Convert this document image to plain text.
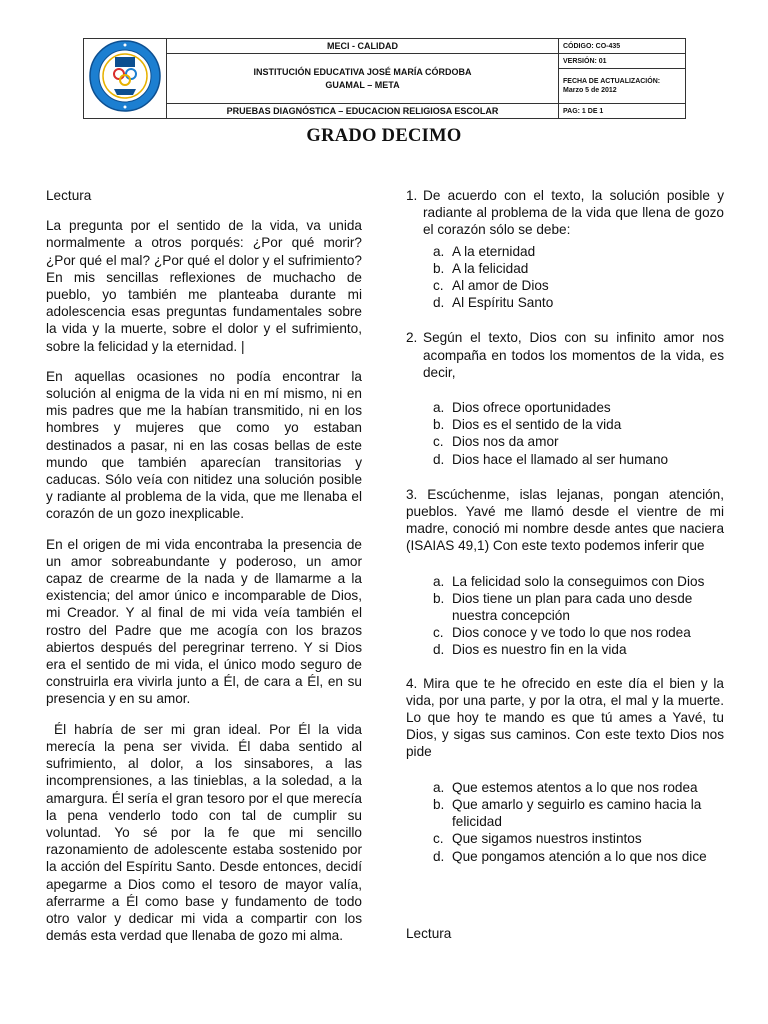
	MECI - CALIDAD	CÓDIGO: CO-435

	INSTITUCIÓN EDUCATIVA JOSÉ MARÍA CÓRDOBA
GUAMAL – META	VERSIÓN: 01

		FECHA DE ACTUALIZACIÓN:
Marzo 5 de 2012

	PRUEBAS DIAGNÓSTICA – EDUCACION RELIGIOSA ESCOLAR	PAG: 1 DE 1
GRADO DECIMO

Lectura

La pregunta por el sentido de la vida, va unida normalmente a otros porqués: ¿Por qué morir? ¿Por qué el mal? ¿Por qué el dolor y el sufrimiento? En mis sencillas reflexiones de muchacho de pueblo, yo también me planteaba durante mi adolescencia esas preguntas fundamentales sobre la vida y la muerte, sobre el dolor y el sufrimiento, sobre la felicidad y la eternidad. |

En aquellas ocasiones no podía encontrar la solución al enigma de la vida ni en mí mismo, ni en mis padres que me la habían transmitido, ni en los hombres y mujeres que como yo estaban destinados a pasar, ni en las cosas bellas de este mundo que también aparecían transitorias y caducas. Sólo veía con nitidez una solución posible y radiante al problema de la vida, que me llenaba el corazón de un gozo inexplicable.

En el origen de mi vida encontraba la presencia de un amor sobreabundante y poderoso, un amor capaz de crearme de la nada y de llamarme a la existencia; del amor único e incomparable de Dios, mi Creador. Y al final de mi vida veía también el rostro del Padre que me acogía con los brazos abiertos después del peregrinar terreno. Y si Dios era el sentido de mi vida, el único modo seguro de construirla era vivirla junto a Él, de cara a Él, en su presencia y en su amor.

Él habría de ser mi gran ideal. Por Él la vida merecía la pena ser vivida. Él daba sentido al sufrimiento, al dolor, a los sinsabores, a las incomprensiones, a las tinieblas, a la soledad, a la amargura. Él sería el gran tesoro por el que merecía la pena venderlo todo con tal de cumplir su voluntad. Yo sé por la fe que mi sencillo razonamiento de adolescente estaba sostenido por la acción del Espíritu Santo. Desde entonces, decidí apegarme a Dios como el tesoro de mayor valía, aferrarme a Él como base y fundamento de todo otro valor y dedicar mi vida a compartir con los demás esta verdad que llenaba de gozo mi alma.

1. De acuerdo con el texto, la solución posible y radiante al problema de la vida que llena de gozo el corazón sólo se debe:
a. A la eternidad
b. A la felicidad
c. Al amor de Dios
d. Al Espíritu Santo
2. Según el texto, Dios con su infinito amor nos acompaña en todos los momentos de la vida, es decir,
a. Dios ofrece oportunidades
b. Dios es el sentido de la vida
c. Dios nos da amor
d. Dios hace el llamado al ser humano
3. Escúchenme, islas lejanas, pongan atención, pueblos. Yavé me llamó desde el vientre de mi madre, conoció mi nombre desde antes que naciera (ISAIAS 49,1) Con este texto podemos inferir que
a. La felicidad solo la conseguimos con Dios
b. Dios tiene un plan para cada uno desde nuestra concepción
c. Dios conoce y ve todo lo que nos rodea
d. Dios es nuestro fin en la vida
4. Mira que te he ofrecido en este día el bien y la vida, por una parte, y por la otra, el mal y la muerte. Lo que hoy te mando es que tú ames a Yavé, tu Dios, y sigas sus caminos. Con este texto Dios nos pide
a. Que estemos atentos a lo que nos rodea
b. Que amarlo y seguirlo es camino hacia la felicidad
c. Que sigamos nuestros instintos
d. Que pongamos atención a lo que nos dice
Lectura
